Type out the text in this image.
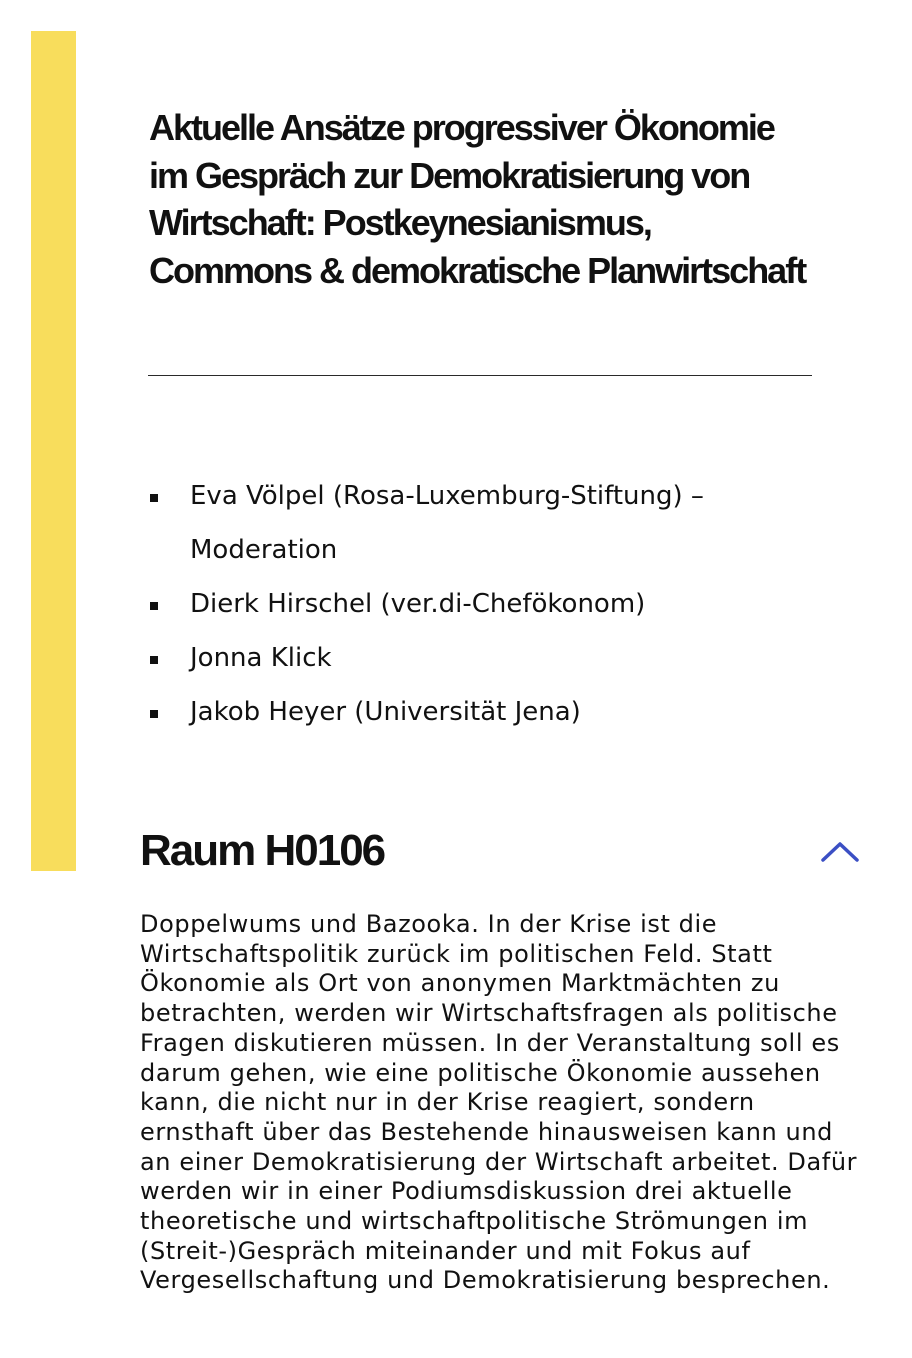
Aktuelle Ansätze progressiver Ökonomie im Gespräch zur Demokratisierung von Wirtschaft: Postkeynesianismus, Commons & demokratische Planwirtschaft
Eva Völpel (Rosa-Luxemburg-Stiftung) – Moderation
Dierk Hirschel (ver.di-Chefökonom)
Jonna Klick
Jakob Heyer (Universität Jena)
Raum H0106

Doppelwums und Bazooka. In der Krise ist die Wirtschaftspolitik zurück im politischen Feld. Statt Ökonomie als Ort von anonymen Marktmächten zu betrachten, werden wir Wirtschaftsfragen als politische Fragen diskutieren müssen. In der Veranstaltung soll es darum gehen, wie eine politische Ökonomie aussehen kann, die nicht nur in der Krise reagiert, sondern ernsthaft über das Bestehende hinausweisen kann und an einer Demokratisierung der Wirtschaft arbeitet. Dafür werden wir in einer Podiumsdiskussion drei aktuelle theoretische und wirtschaftpolitische Strömungen im (Streit-)Gespräch miteinander und mit Fokus auf Vergesellschaftung und Demokratisierung besprechen.
